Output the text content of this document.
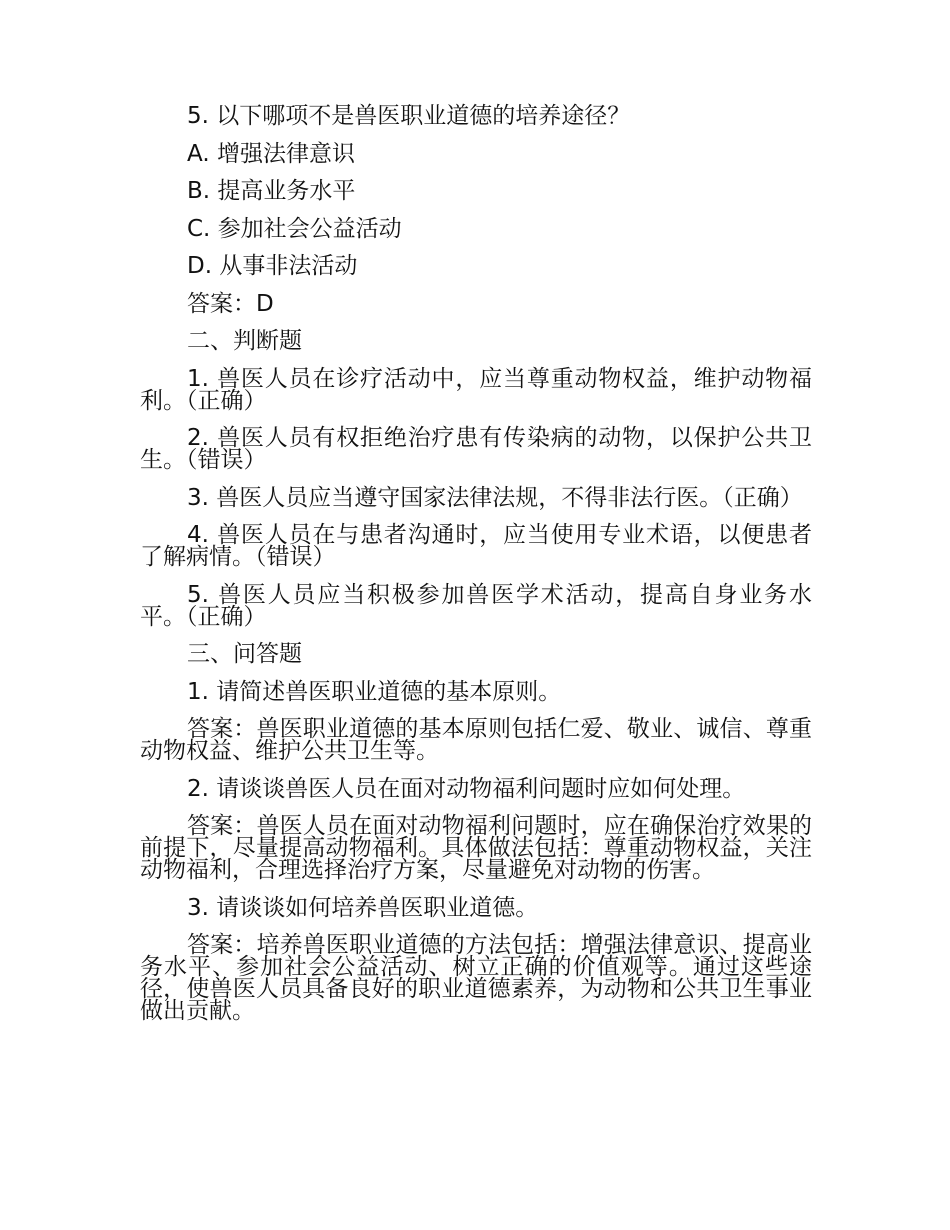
5. 以下哪项不是兽医职业道德的培养途径？

A. 增强法律意识

B. 提高业务水平

C. 参加社会公益活动

D. 从事非法活动

答案：D

二、判断题

1. 兽医人员在诊疗活动中，应当尊重动物权益，维护动物福利。（正确）

2. 兽医人员有权拒绝治疗患有传染病的动物，以保护公共卫生。（错误）

3. 兽医人员应当遵守国家法律法规，不得非法行医。（正确）

4. 兽医人员在与患者沟通时，应当使用专业术语，以便患者了解病情。（错误）

5. 兽医人员应当积极参加兽医学术活动，提高自身业务水平。（正确）

三、问答题

1. 请简述兽医职业道德的基本原则。

答案：兽医职业道德的基本原则包括仁爱、敬业、诚信、尊重动物权益、维护公共卫生等。

2. 请谈谈兽医人员在面对动物福利问题时应如何处理。

答案：兽医人员在面对动物福利问题时，应在确保治疗效果的前提下，尽量提高动物福利。具体做法包括：尊重动物权益，关注动物福利，合理选择治疗方案，尽量避免对动物的伤害。

3. 请谈谈如何培养兽医职业道德。

答案：培养兽医职业道德的方法包括：增强法律意识、提高业务水平、参加社会公益活动、树立正确的价值观等。通过这些途径，使兽医人员具备良好的职业道德素养，为动物和公共卫生事业做出贡献。
